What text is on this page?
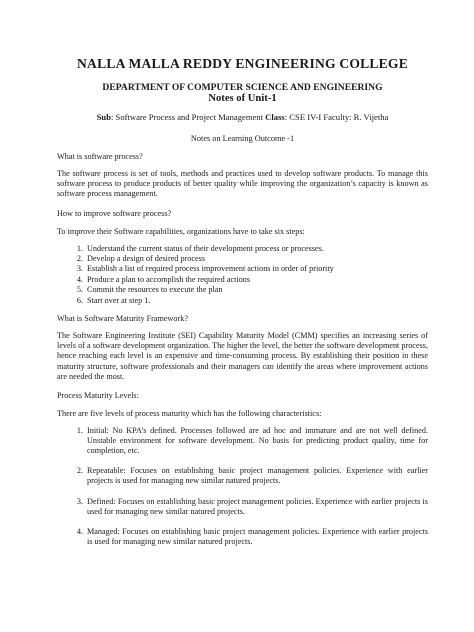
NALLA MALLA REDDY ENGINEERING COLLEGE
DEPARTMENT OF COMPUTER SCIENCE AND ENGINEERING
Notes of Unit-1
Sub: Software Process and Project Management Class: CSE IV-I Faculty: R. Vijetha
Notes on Learning Outcome -1

What is software process?

The software process is set of tools, methods and practices used to develop software products. To manage this software process to produce products of better quality while improving the organization’s capacity is known as software process management.

How to improve software process?

To improve their Software capabilities, organizations have to take six steps:

1. Understand the current status of their development process or processes.
2. Develop a design of desired process
3. Establish a list of required process improvement actions in order of priority
4. Produce a plan to accomplish the required actions
5. Commit the resources to execute the plan
6. Start over at step 1.

What is Software Maturity Framework?

The Software Engineering Institute (SEI) Capability Maturity Model (CMM) specifies an increasing series of levels of a software development organization. The higher the level, the better the software development process, hence reaching each level is an expensive and time-consuming process. By establishing their position in these maturity structure, software professionals and their managers can identify the areas where improvement actions are needed the most.

Process Maturity Levels:

There are five levels of process maturity which has the following characteristics:

1. Initial: No KPA’s defined. Processes followed are ad hoc and immature and are not well defined. Unstable environment for software development. No basis for predicting product quality, time for completion, etc.
2. Repeatable: Focuses on establishing basic project management policies. Experience with earlier projects is used for managing new similar natured projects.
3. Defined: Focuses on establishing basic project management policies. Experience with earlier projects is used for managing new similar natured projects.
4. Managed: Focuses on establishing basic project management policies. Experience with earlier projects is used for managing new similar natured projects.
